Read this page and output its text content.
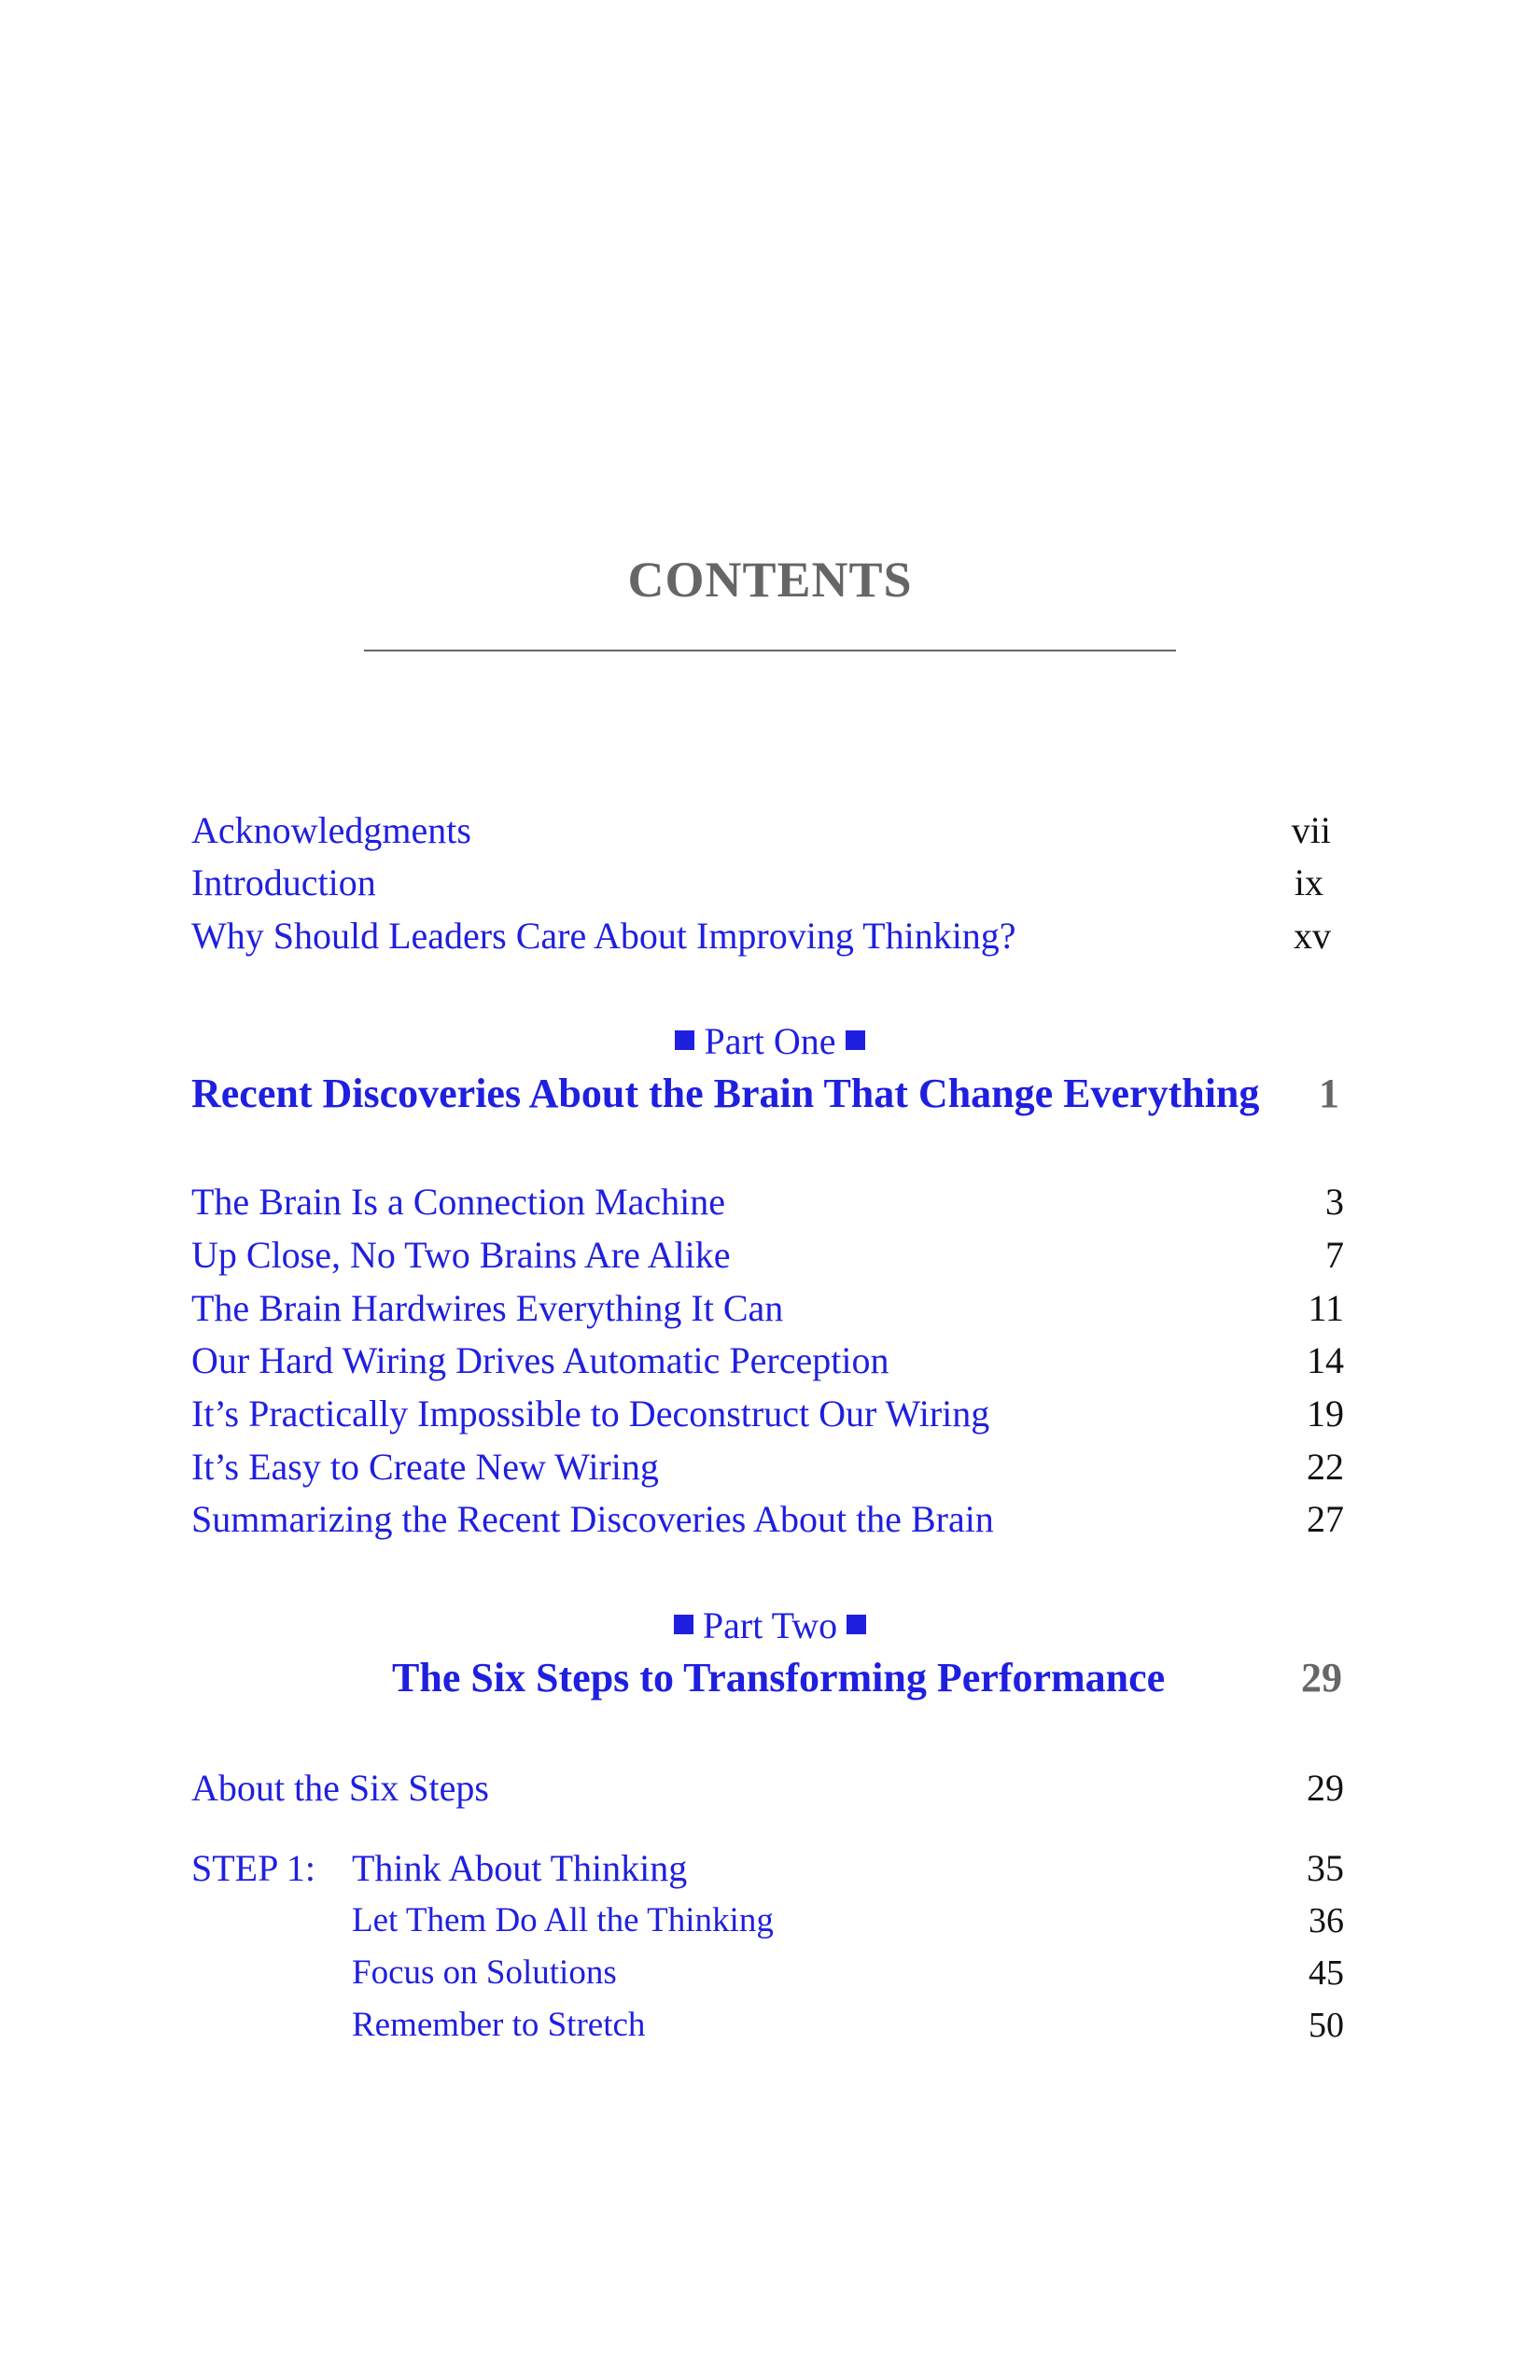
CONTENTS
Acknowledgments	vii
Introduction	ix
Why Should Leaders Care About Improving Thinking?	xv
Part One
Recent Discoveries About the Brain That Change Everything 1
The Brain Is a Connection Machine	3
Up Close, No Two Brains Are Alike	7
The Brain Hardwires Everything It Can	11
Our Hard Wiring Drives Automatic Perception	14
It’s Practically Impossible to Deconstruct Our Wiring	19
It’s Easy to Create New Wiring	22
Summarizing the Recent Discoveries About the Brain	27
Part Two
The Six Steps to Transforming Performance	29
About the Six Steps	29
STEP 1: Think About Thinking	35
Let Them Do All the Thinking	36
Focus on Solutions	45
Remember to Stretch	50
